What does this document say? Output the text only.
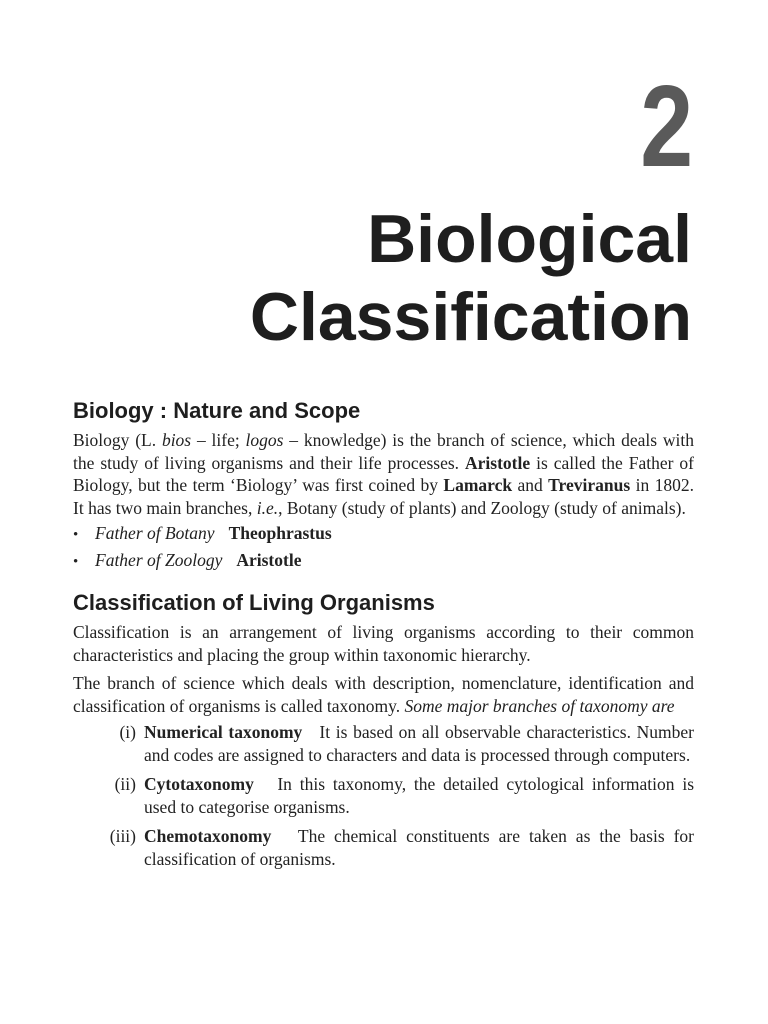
2
Biological
Classification
Biology : Nature and Scope

Biology (L. bios – life; logos – knowledge) is the branch of science, which deals with the study of living organisms and their life processes. Aristotle is called the Father of Biology, but the term ‘Biology’ was first coined by Lamarck and Treviranus in 1802. It has two main branches, i.e., Botany (study of plants) and Zoology (study of animals).

• Father of Botany Theophrastus
• Father of Zoology Aristotle
Classification of Living Organisms

Classification is an arrangement of living organisms according to their common characteristics and placing the group within taxonomic hierarchy.

The branch of science which deals with description, nomenclature, identification and classification of organisms is called taxonomy. Some major branches of taxonomy are

(i) Numerical taxonomy It is based on all observable characteristics. Number and codes are assigned to characters and data is processed through computers.

(ii) Cytotaxonomy In this taxonomy, the detailed cytological information is used to categorise organisms.

(iii) Chemotaxonomy The chemical constituents are taken as the basis for classification of organisms.
